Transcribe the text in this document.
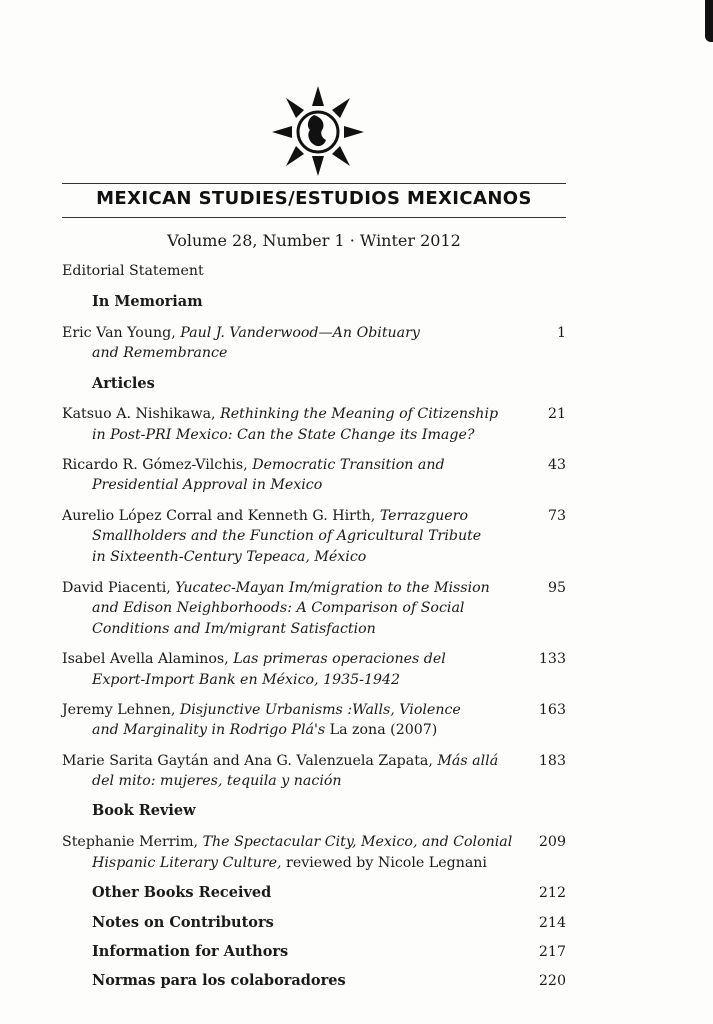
MEXICAN STUDIES/ESTUDIOS MEXICANOS
Volume 28, Number 1 · Winter 2012
Editorial Statement
In Memoriam
Eric Van Young, Paul J. Vanderwood—An Obituary
and Remembrance
1
Articles
Katsuo A. Nishikawa, Rethinking the Meaning of Citizenship
in Post-PRI Mexico: Can the State Change its Image?
21
Ricardo R. Gómez-Vilchis, Democratic Transition and
Presidential Approval in Mexico
43
Aurelio López Corral and Kenneth G. Hirth, Terrazguero
Smallholders and the Function of Agricultural Tribute
in Sixteenth-Century Tepeaca, México
73
David Piacenti, Yucatec-Mayan Im/migration to the Mission
and Edison Neighborhoods: A Comparison of Social
Conditions and Im/migrant Satisfaction
95
Isabel Avella Alaminos, Las primeras operaciones del
Export-Import Bank en México, 1935-1942
133
Jeremy Lehnen, Disjunctive Urbanisms :Walls, Violence
and Marginality in Rodrigo Plá's La zona (2007)
163
Marie Sarita Gaytán and Ana G. Valenzuela Zapata, Más allá
del mito: mujeres, tequila y nación
183
Book Review
Stephanie Merrim, The Spectacular City, Mexico, and Colonial
Hispanic Literary Culture, reviewed by Nicole Legnani
209
Other Books Received	212
Notes on Contributors	214
Information for Authors	217
Normas para los colaboradores	220
